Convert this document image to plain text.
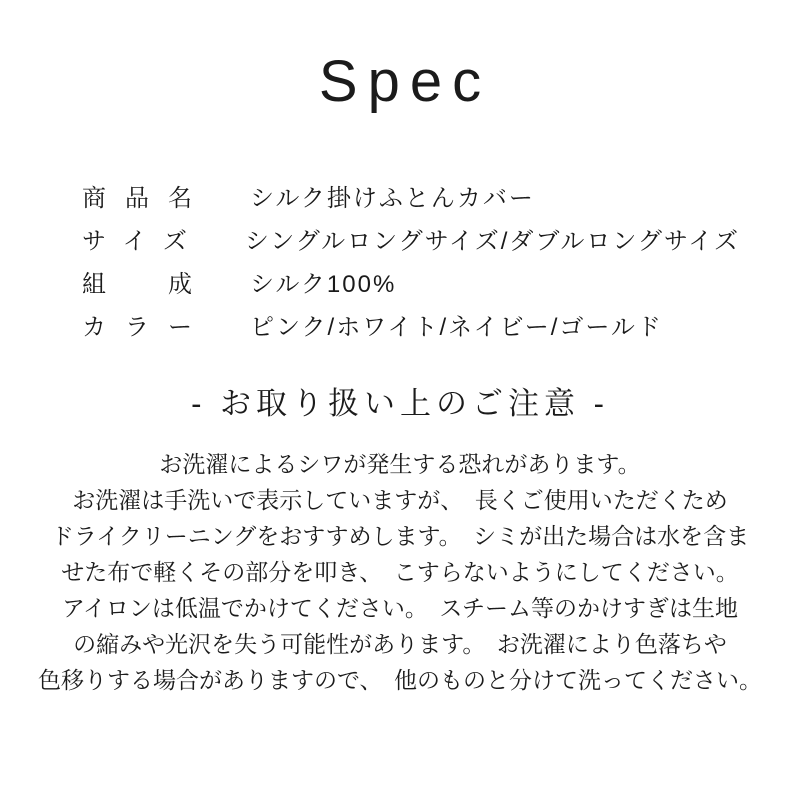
Spec
商 品 名 シルク掛けふとんカバー
サ イ ズ シングルロングサイズ/ダブルロングサイズ
組 成 シルク100%
カ ラ ー ピンク/ホワイト/ネイビー/ゴールド
- お取り扱い上のご注意 -
お洗濯によるシワが発生する恐れがあります。
お洗濯は手洗いで表示していますが、　長くご使用いただくため
ドライクリーニングをおすすめします。　シミが出た場合は水を含ま
せた布で軽くその部分を叩き、　こすらないようにしてください。
アイロンは低温でかけてください。　スチーム等のかけすぎは生地
の縮みや光沢を失う可能性があります。　お洗濯により色落ちや
色移りする場合がありますので、　他のものと分けて洗ってください。
